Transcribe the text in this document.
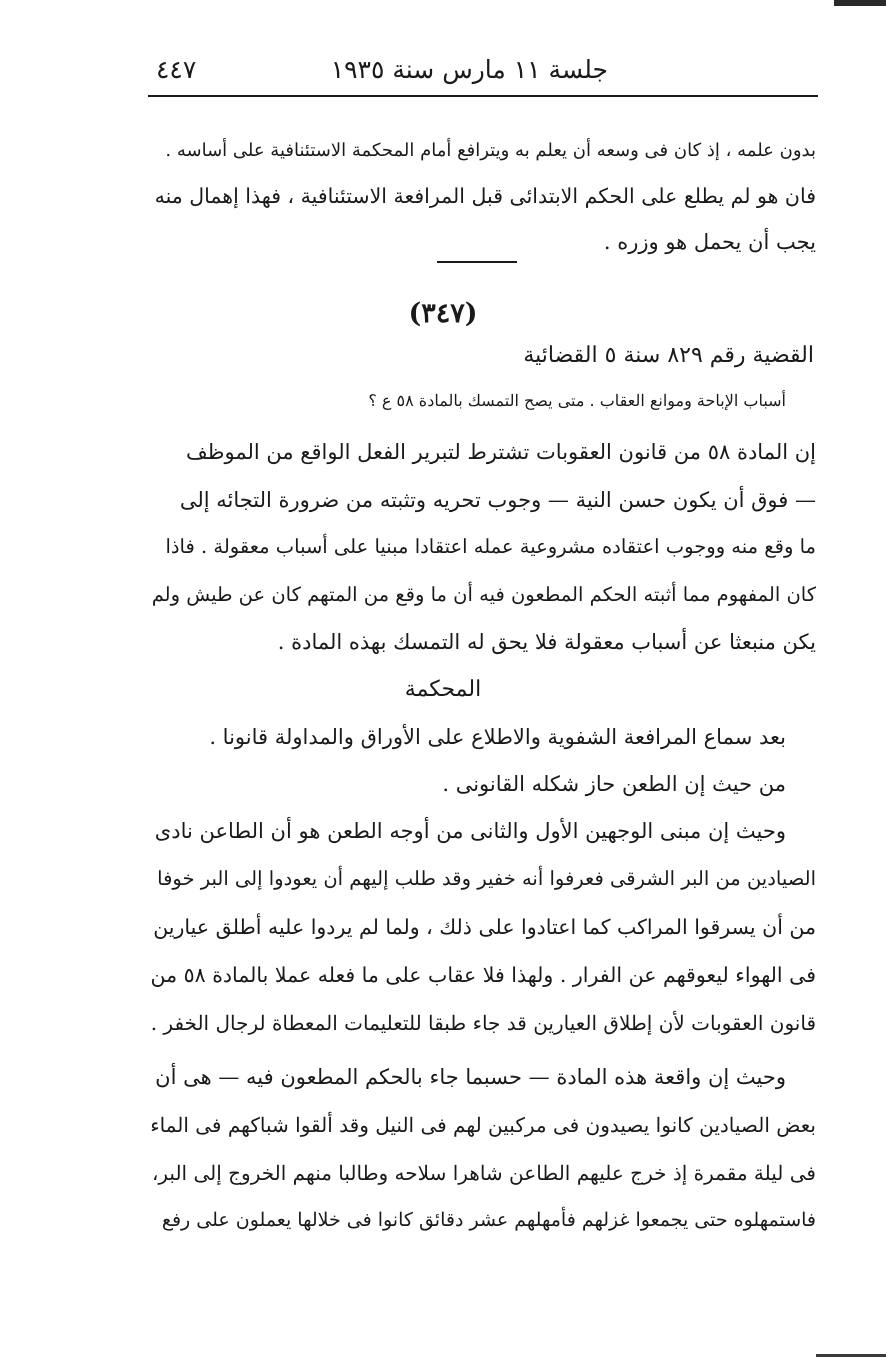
جلسة ١١ مارس سنة ١٩٣٥
٤٤٧
بدون علمه ، إذ كان فى وسعه أن يعلم به ويترافع أمام المحكمة الاستئنافية على أساسه .
فان هو لم يطلع على الحكم الابتدائى قبل المرافعة الاستئنافية ، فهذا إهمال منه
يجب أن يحمل هو وزره .
(٣٤٧)
القضية رقم ٨٢٩ سنة ٥ القضائية
أسباب الإباحة وموانع العقاب . متى يصح التمسك بالمادة ٥٨ ع ؟
إن المادة ٥٨ من قانون العقوبات تشترط لتبرير الفعل الواقع من الموظف
— فوق أن يكون حسن النية — وجوب تحريه وتثبته من ضرورة التجائه إلى
ما وقع منه ووجوب اعتقاده مشروعية عمله اعتقادا مبنيا على أسباب معقولة . فاذا
كان المفهوم مما أثبته الحكم المطعون فيه أن ما وقع من المتهم كان عن طيش ولم
يكن منبعثا عن أسباب معقولة فلا يحق له التمسك بهذه المادة .
المحكمة
بعد سماع المرافعة الشفوية والاطلاع على الأوراق والمداولة قانونا .
من حيث إن الطعن حاز شكله القانونى .
وحيث إن مبنى الوجهين الأول والثانى من أوجه الطعن هو أن الطاعن نادى
الصيادين من البر الشرقى فعرفوا أنه خفير وقد طلب إليهم أن يعودوا إلى البر خوفا
من أن يسرقوا المراكب كما اعتادوا على ذلك ، ولما لم يردوا عليه أطلق عيارين
فى الهواء ليعوقهم عن الفرار . ولهذا فلا عقاب على ما فعله عملا بالمادة ٥٨ من
قانون العقوبات لأن إطلاق العيارين قد جاء طبقا للتعليمات المعطاة لرجال الخفر .
وحيث إن واقعة هذه المادة — حسبما جاء بالحكم المطعون فيه — هى أن
بعض الصيادين كانوا يصيدون فى مركبين لهم فى النيل وقد ألقوا شباكهم فى الماء
فى ليلة مقمرة إذ خرج عليهم الطاعن شاهرا سلاحه وطالبا منهم الخروج إلى البر،
فاستمهلوه حتى يجمعوا غزلهم فأمهلهم عشر دقائق كانوا فى خلالها يعملون على رفع
